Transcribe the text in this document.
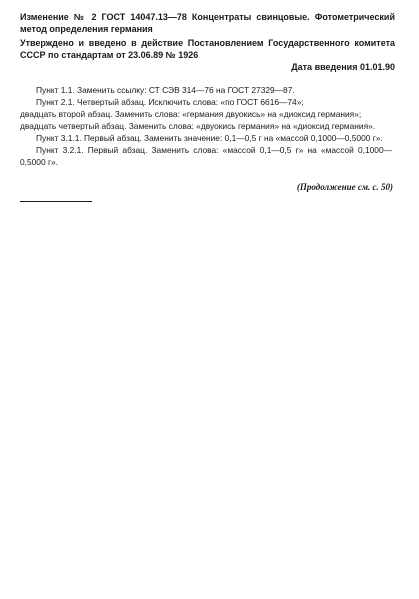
Изменение № 2 ГОСТ 14047.13—78 Концентраты свинцовые. Фотометрический метод определения германия
Утверждено и введено в действие Постановлением Государственного комитета СССР по стандартам от 23.06.89 № 1926
Дата введения 01.01.90

Пункт 1.1. Заменить ссылку: СТ СЭВ 314—76 на ГОСТ 27329—87.

Пункт 2.1. Четвертый абзац. Исключить слова: «по ГОСТ 6616—74»;

двадцать второй абзац. Заменить слова: «германия двуокись» на «диоксид германия»;

двадцать четвертый абзац. Заменить слова: «двуокись германия» на «диоксид германия».

Пункт 3.1.1. Первый абзац. Заменить значение: 0,1—0,5 г на «массой 0,1000—0,5000 г».

Пункт 3.2.1. Первый абзац. Заменить слова: «массой 0,1—0,5 г» на «массой 0,1000—0,5000 г».

(Продолжение см. с. 50)
